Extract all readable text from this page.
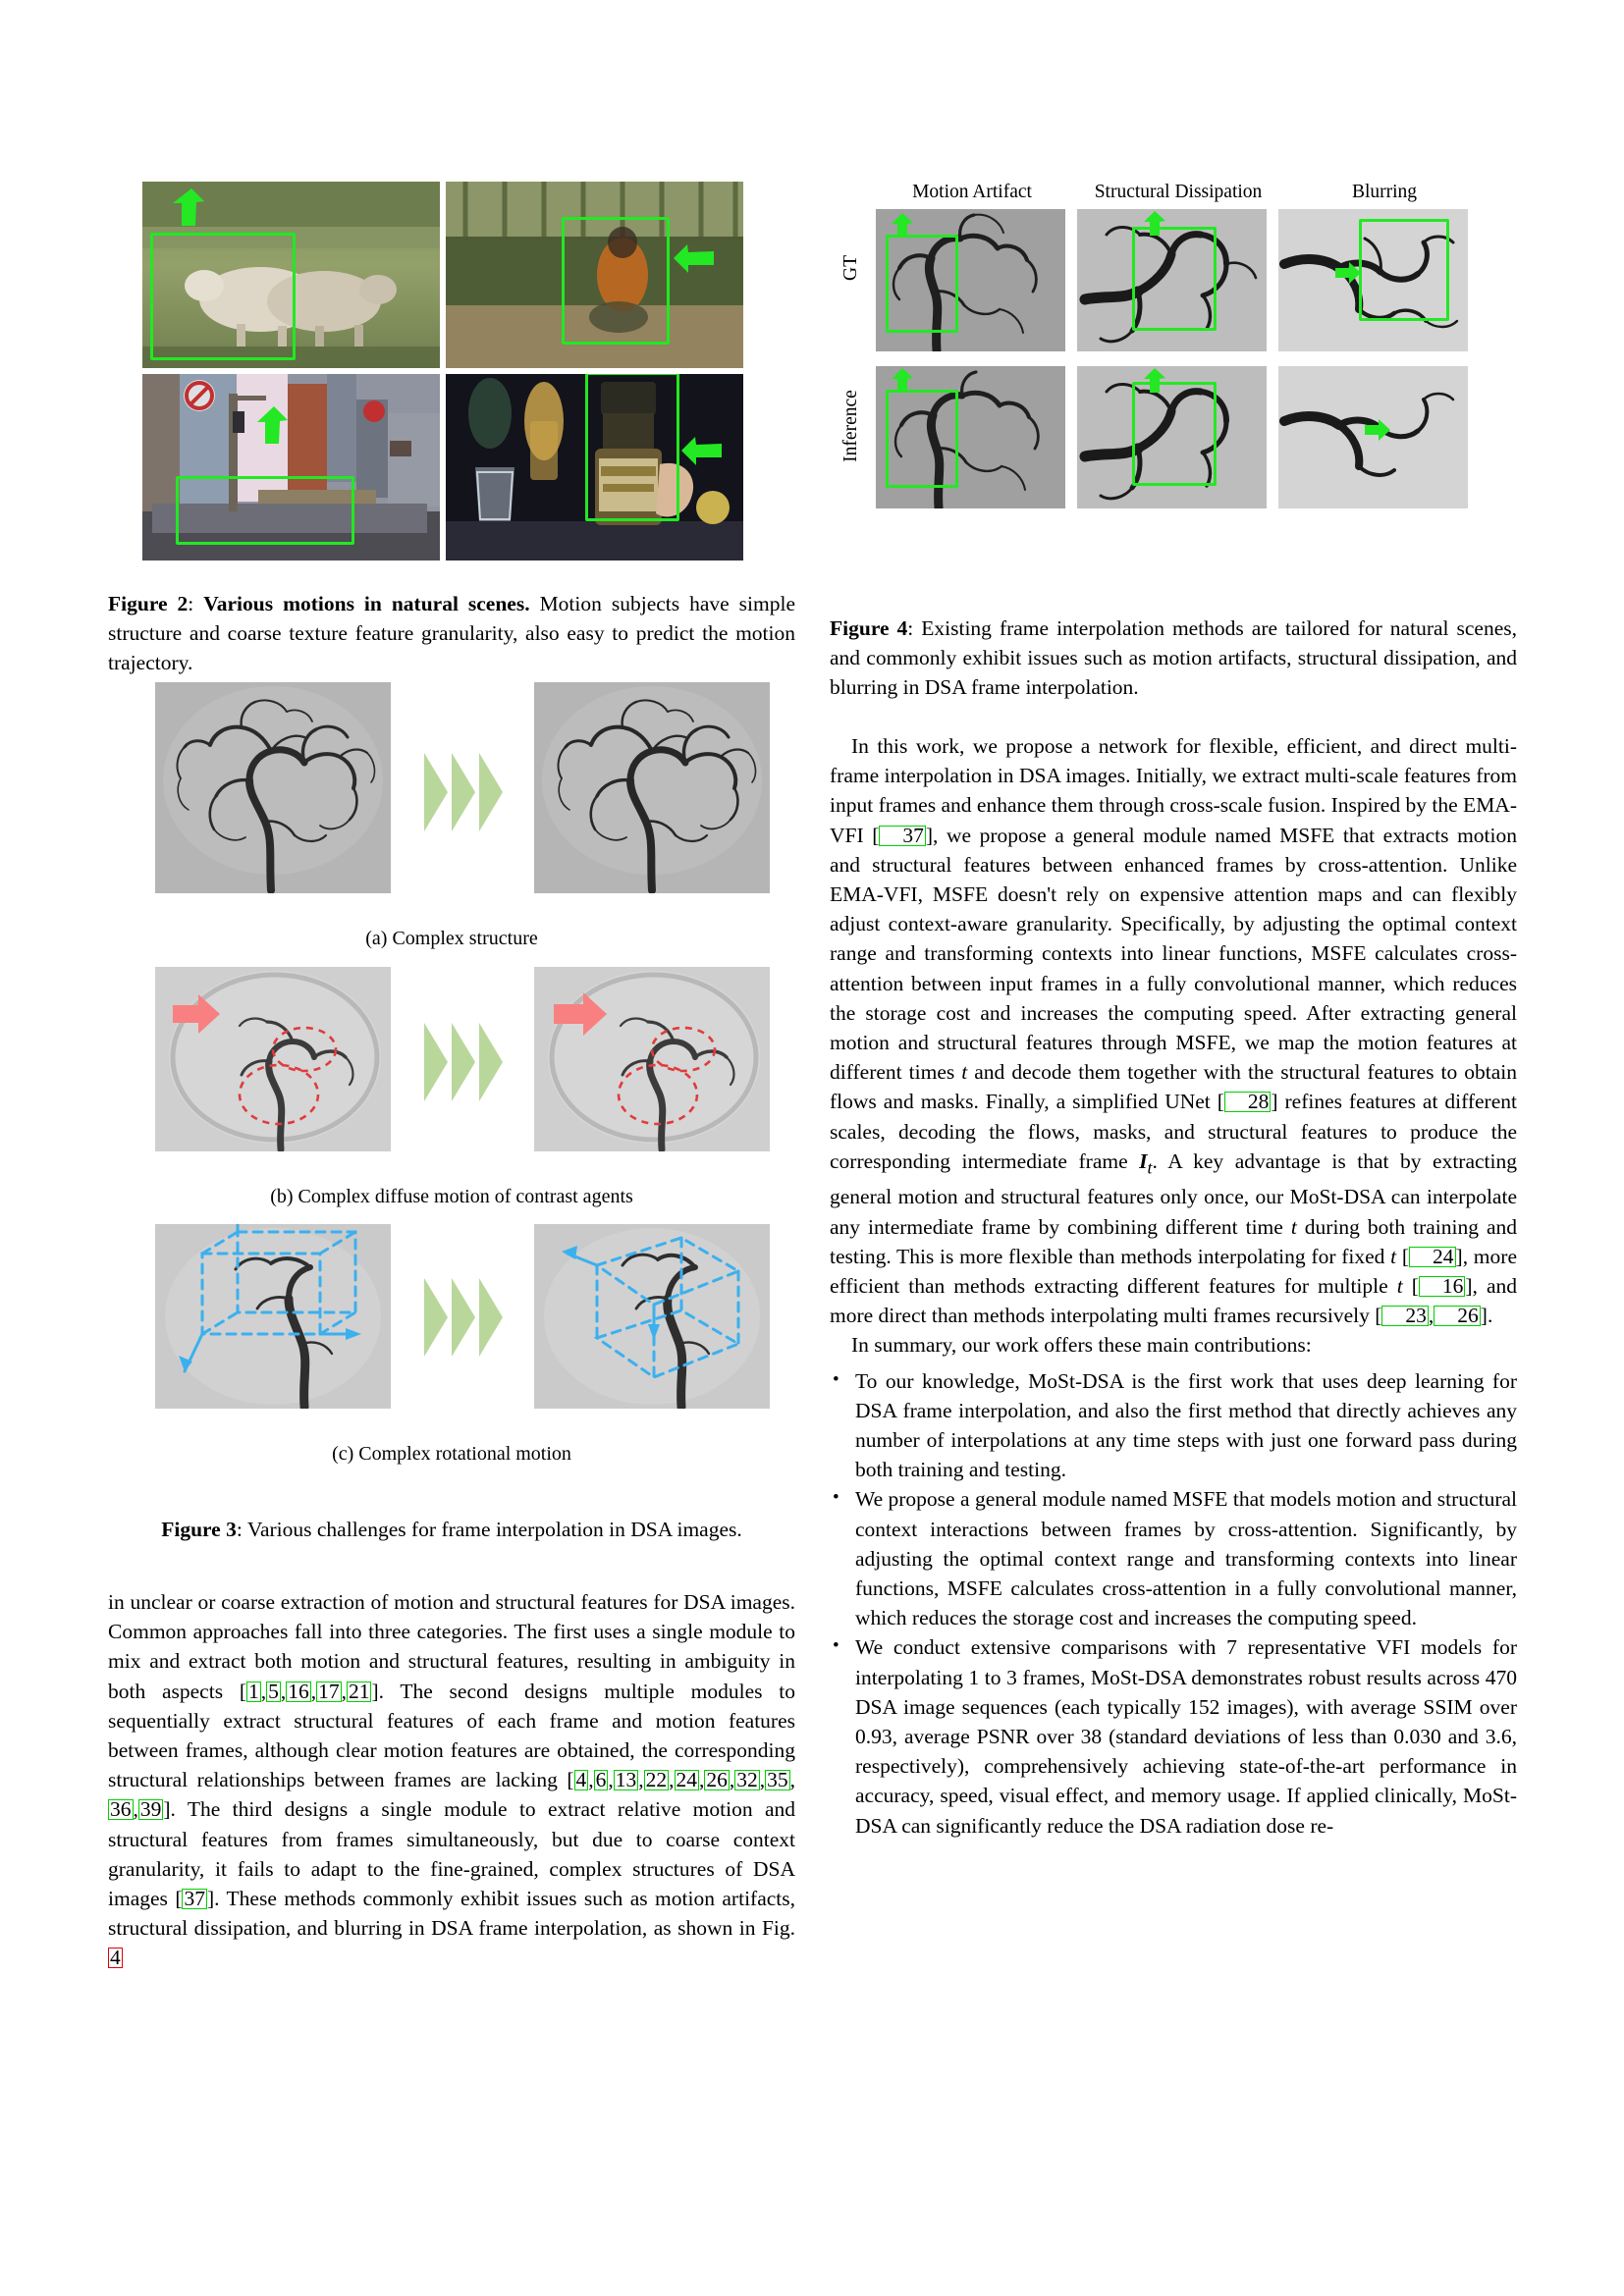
Figure 2: Various motions in natural scenes. Motion subjects have simple structure and coarse texture feature granularity, also easy to predict the motion trajectory.

(a) Complex structure
(b) Complex diffuse motion of contrast agents
(c) Complex rotational motion

Figure 3: Various challenges for frame interpolation in DSA images.

in unclear or coarse extraction of motion and structural features for DSA images. Common approaches fall into three categories. The first uses a single module to mix and extract both motion and structural features, resulting in ambiguity in both aspects [1,5,16,17,21]. The second designs multiple modules to sequentially extract structural features of each frame and motion features between frames, although clear motion features are obtained, the corresponding structural relationships between frames are lacking [4,6,13,22,24,26,32,35,36,39]. The third designs a single module to extract relative motion and structural features from frames simultaneously, but due to coarse context granularity, it fails to adapt to the fine-grained, complex structures of DSA images [37]. These methods commonly exhibit issues such as motion artifacts, structural dissipation, and blurring in DSA frame interpolation, as shown in Fig. 4

Motion Artifact	Structural Dissipation	Blurring
GT
Inference

Figure 4: Existing frame interpolation methods are tailored for natural scenes, and commonly exhibit issues such as motion artifacts, structural dissipation, and blurring in DSA frame interpolation.

In this work, we propose a network for flexible, efficient, and direct multi-frame interpolation in DSA images. Initially, we extract multi-scale features from input frames and enhance them through cross-scale fusion. Inspired by the EMA-VFI [ 37], we propose a general module named MSFE that extracts motion and structural features between enhanced frames by cross-attention. Unlike EMA-VFI, MSFE doesn't rely on expensive attention maps and can flexibly adjust context-aware granularity. Specifically, by adjusting the optimal context range and transforming contexts into linear functions, MSFE calculates cross-attention between input frames in a fully convolutional manner, which reduces the storage cost and increases the computing speed. After extracting general motion and structural features through MSFE, we map the motion features at different times t and decode them together with the structural features to obtain flows and masks. Finally, a simplified UNet [ 28] refines features at different scales, decoding the flows, masks, and structural features to produce the corresponding intermediate frame $I_t$. A key advantage is that by extracting general motion and structural features only once, our MoSt-DSA can interpolate any intermediate frame by combining different time t during both training and testing. This is more flexible than methods interpolating for fixed t [ 24], more efficient than methods extracting different features for multiple t [ 16], and more direct than methods interpolating multi frames recursively [ 23, 26].

In summary, our work offers these main contributions:

• To our knowledge, MoSt-DSA is the first work that uses deep learning for DSA frame interpolation, and also the first method that directly achieves any number of interpolations at any time steps with just one forward pass during both training and testing.
• We propose a general module named MSFE that models motion and structural context interactions between frames by cross-attention. Significantly, by adjusting the optimal context range and transforming contexts into linear functions, MSFE calculates cross-attention in a fully convolutional manner, which reduces the storage cost and increases the computing speed.
• We conduct extensive comparisons with 7 representative VFI models for interpolating 1 to 3 frames, MoSt-DSA demonstrates robust results across 470 DSA image sequences (each typically 152 images), with average SSIM over 0.93, average PSNR over 38 (standard deviations of less than 0.030 and 3.6, respectively), comprehensively achieving state-of-the-art performance in accuracy, speed, visual effect, and memory usage. If applied clinically, MoSt-DSA can significantly reduce the DSA radiation dose re-
